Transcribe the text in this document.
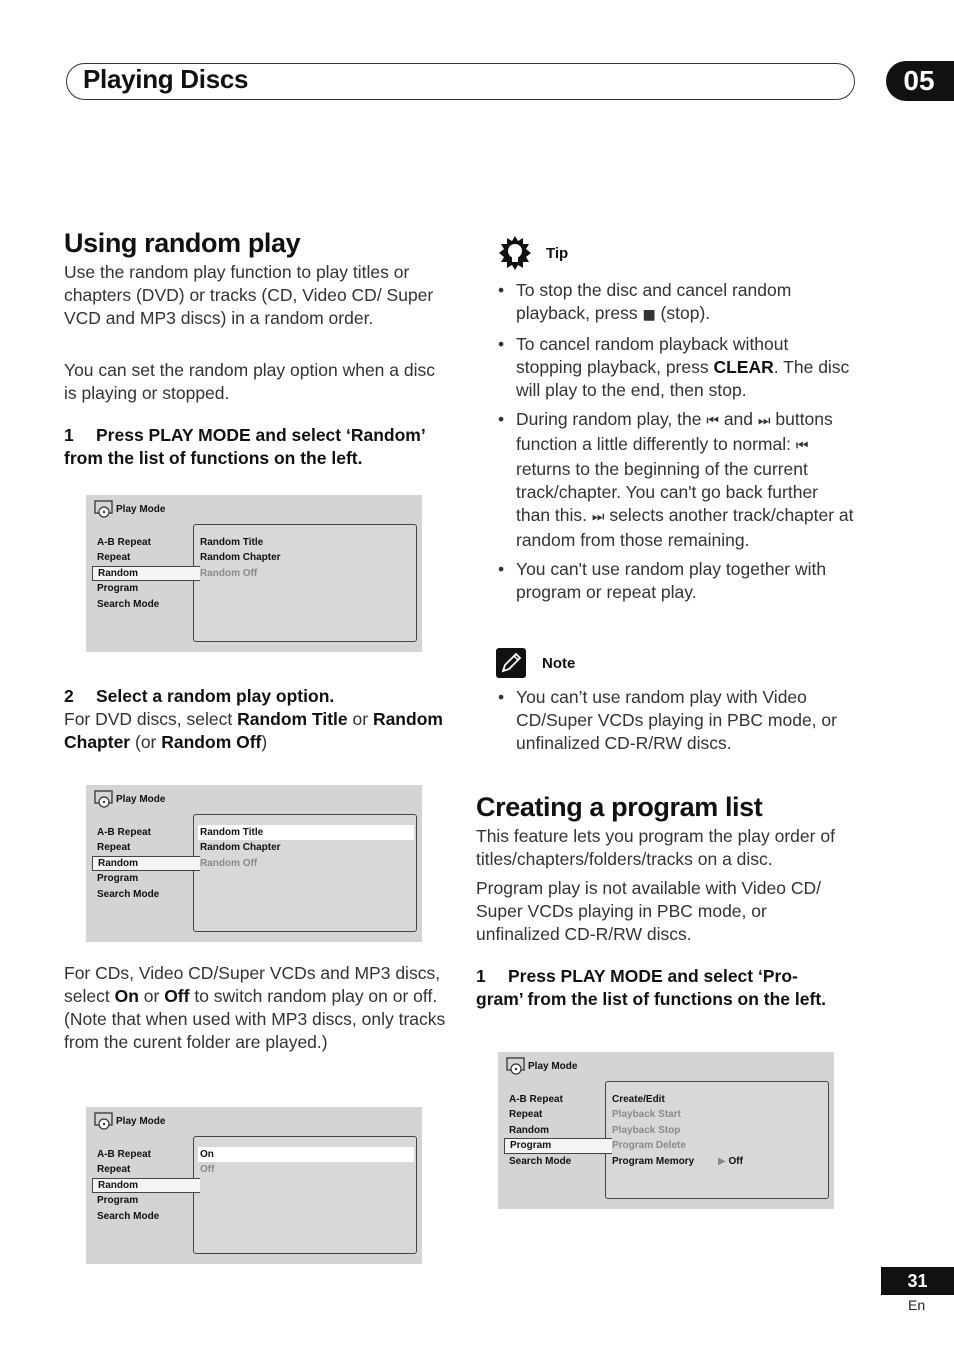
Playing Discs	05
Using random play

Use the random play function to play titles or chapters (DVD) or tracks (CD, Video CD/ Super VCD and MP3 discs) in a random order.

You can set the random play option when a disc is playing or stopped.

1 Press PLAY MODE and select ‘Random’ from the list of functions on the left.

Play Mode
A-B Repeat
Repeat
Random
Program
Search Mode
Random Title
Random Chapter
Random Off

2 Select a random play option.

For DVD discs, select Random Title or Random Chapter (or Random Off)

Play Mode
A-B Repeat
Repeat
Random
Program
Search Mode
Random Title
Random Chapter
Random Off

For CDs, Video CD/Super VCDs and MP3 discs, select On or Off to switch random play on or off. (Note that when used with MP3 discs, only tracks from the curent folder are played.)

Play Mode
A-B Repeat
Repeat
Random
Program
Search Mode
On
Off
Tip
• To stop the disc and cancel random playback, press ■ (stop).
• To cancel random playback without stopping playback, press CLEAR. The disc will play to the end, then stop.
• During random play, the ⏮ and ⏭ buttons function a little differently to normal: ⏮ returns to the beginning of the current track/chapter. You can't go back further than this. ⏭ selects another track/chapter at random from those remaining.
• You can't use random play together with program or repeat play.
Note
• You can’t use random play with Video CD/Super VCDs playing in PBC mode, or unfinalized CD-R/RW discs.
Creating a program list

This feature lets you program the play order of titles/chapters/folders/tracks on a disc.

Program play is not available with Video CD/ Super VCDs playing in PBC mode, or unfinalized CD-R/RW discs.

1 Press PLAY MODE and select ‘Pro-gram’ from the list of functions on the left.

Play Mode
A-B Repeat
Repeat
Random
Program
Search Mode
Create/Edit
Playback Start
Playback Stop
Program Delete
Program Memory ▶ Off
31
En
